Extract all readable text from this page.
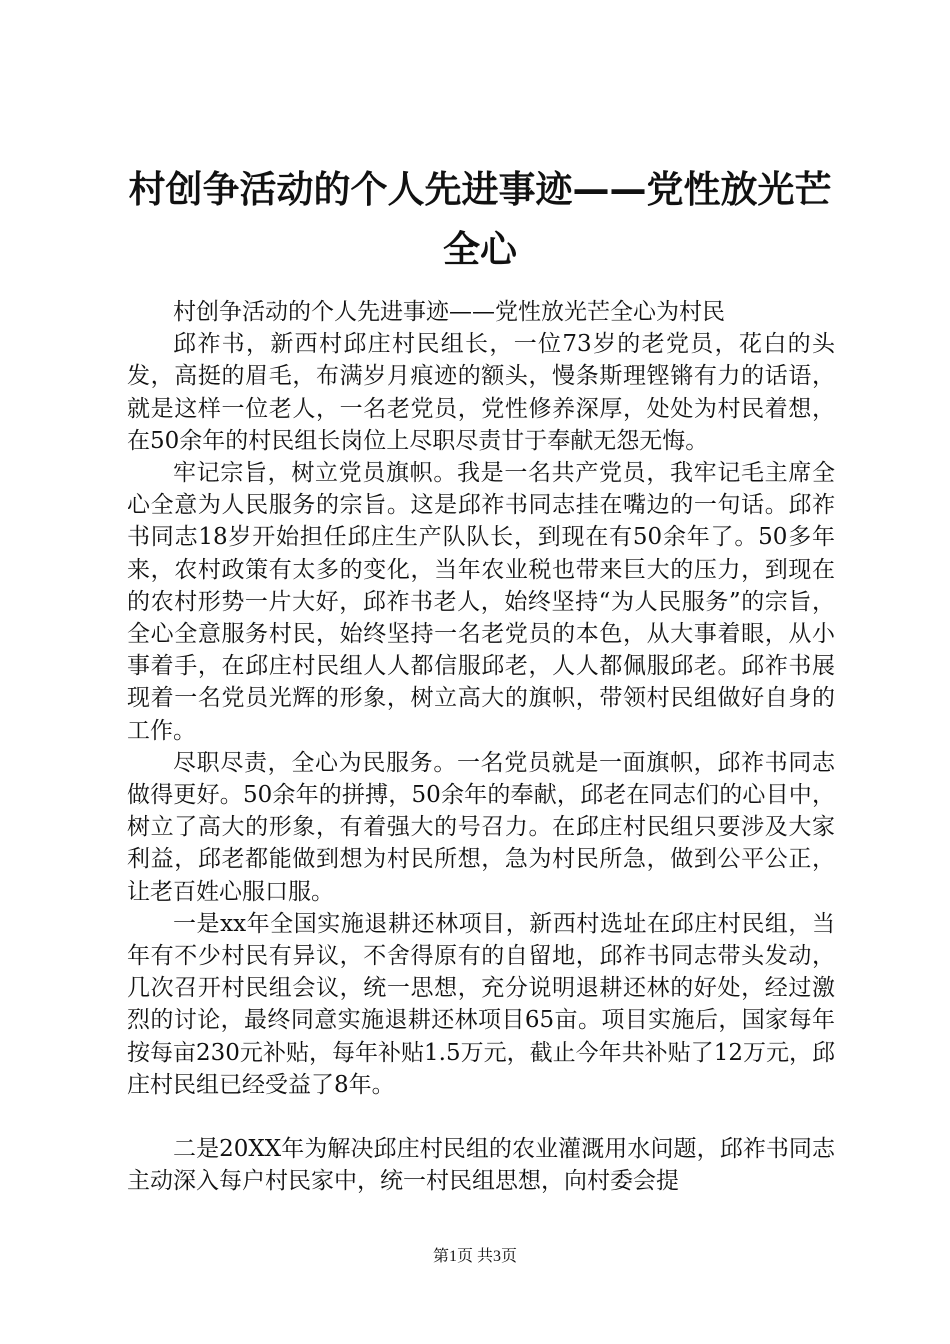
村创争活动的个人先进事迹——党性放光芒全心

村创争活动的个人先进事迹——党性放光芒全心为村民

邱祚书，新西村邱庄村民组长，一位73岁的老党员，花白的头发，高挺的眉毛，布满岁月痕迹的额头，慢条斯理铿锵有力的话语，就是这样一位老人，一名老党员，党性修养深厚，处处为村民着想，在50余年的村民组长岗位上尽职尽责甘于奉献无怨无悔。

牢记宗旨，树立党员旗帜。我是一名共产党员，我牢记毛主席全心全意为人民服务的宗旨。这是邱祚书同志挂在嘴边的一句话。邱祚书同志18岁开始担任邱庄生产队队长，到现在有50余年了。50多年来，农村政策有太多的变化，当年农业税也带来巨大的压力，到现在的农村形势一片大好，邱祚书老人，始终坚持“为人民服务”的宗旨，全心全意服务村民，始终坚持一名老党员的本色，从大事着眼，从小事着手，在邱庄村民组人人都信服邱老，人人都佩服邱老。邱祚书展现着一名党员光辉的形象，树立高大的旗帜，带领村民组做好自身的工作。

尽职尽责，全心为民服务。一名党员就是一面旗帜，邱祚书同志做得更好。50余年的拼搏，50余年的奉献，邱老在同志们的心目中，树立了高大的形象，有着强大的号召力。在邱庄村民组只要涉及大家利益，邱老都能做到想为村民所想，急为村民所急，做到公平公正，让老百姓心服口服。

一是xx年全国实施退耕还林项目，新西村选址在邱庄村民组，当年有不少村民有异议，不舍得原有的自留地，邱祚书同志带头发动，几次召开村民组会议，统一思想，充分说明退耕还林的好处，经过激烈的讨论，最终同意实施退耕还林项目65亩。项目实施后，国家每年按每亩230元补贴，每年补贴1.5万元，截止今年共补贴了12万元，邱庄村民组已经受益了8年。

二是20XX年为解决邱庄村民组的农业灌溉用水问题，邱祚书同志主动深入每户村民家中，统一村民组思想，向村委会提

第1页 共3页
